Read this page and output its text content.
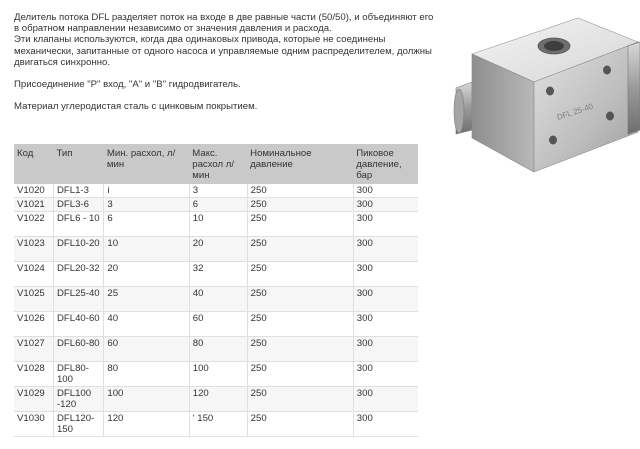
Делитель потока DFL разделяет поток на входе в две равные части (50/50), и объединяют его в обратном направлении независимо от значения давления и расхода.

Эти клапаны используются, когда два одинаковых привода, которые не соединены механически, запитанные от одного насоса и управляемые одним распределителем, должны двигаться синхронно.

Присоединение "P" вход, "A" и "B" гидродвигатель.

Материал углеродистая сталь с цинковым покрытием.	DFL 25-40
Код	Тип	Мин. расхол, л/мин	Макс. расхол л/мин	Номинальное давление	Пиковое давление, бар
V1020	DFL1-3	i	3	250	300
V1021	DFL3-6	3	6	250	300
V1022	DFL6 - 10	6	10	250	300
V1023	DFL10-20	10	20	250	300
V1024	DFL20-32	20	32	250	300
V1025	DFL25-40	25	40	250	300
V1026	DFL40-60	40	60	250	300
V1027	DFL60-80	60	80	250	300
V1028	DFL80-100	80	100	250	300
V1029	DFL100 -120	100	120	250	300
V1030	DFL120-150	120	' 150	250	300
